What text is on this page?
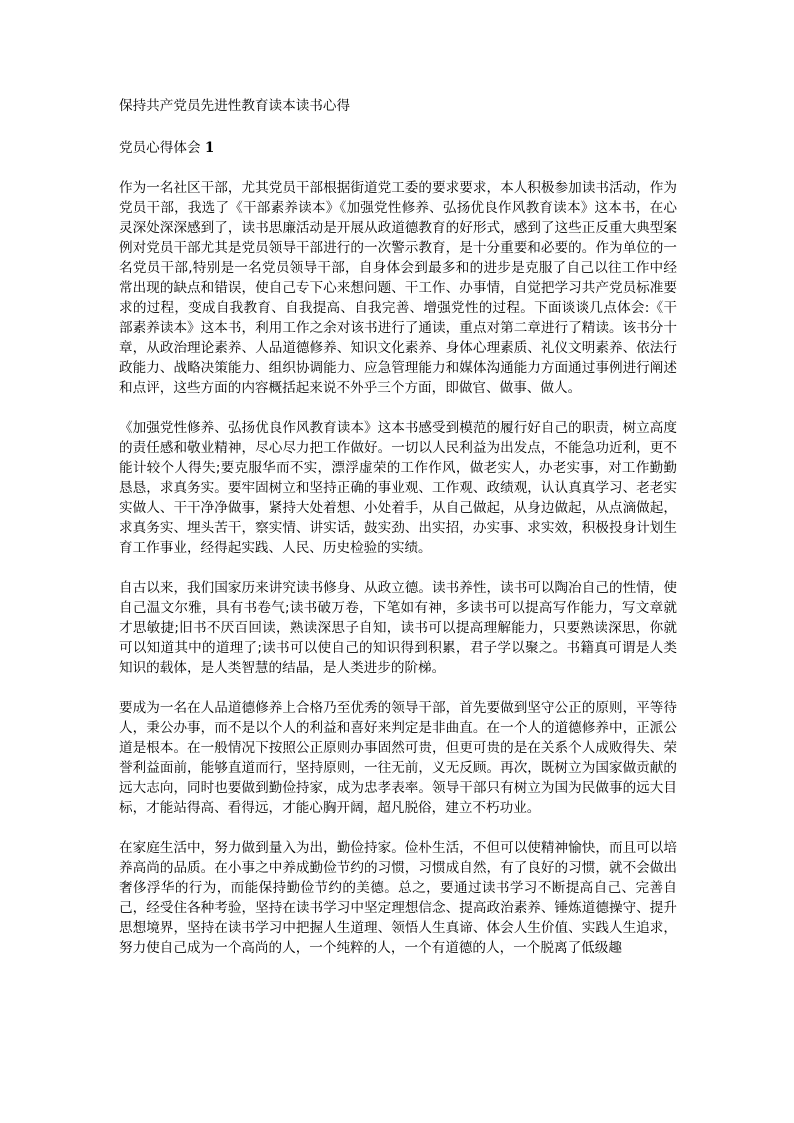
保持共产党员先进性教育读本读书心得
党员心得体会 1

作为一名社区干部，尤其党员干部根据街道党工委的要求要求，本人积极参加读书活动，作为党员干部，我选了《干部素养读本》《加强党性修养、弘扬优良作风教育读本》这本书，在心灵深处深深感到了，读书思廉活动是开展从政道德教育的好形式，感到了这些正反重大典型案例对党员干部尤其是党员领导干部进行的一次警示教育，是十分重要和必要的。作为单位的一名党员干部,特别是一名党员领导干部，自身体会到最多和的进步是克服了自己以往工作中经常出现的缺点和错误，使自己专下心来想问题、干工作、办事情，自觉把学习共产党员标准要求的过程，变成自我教育、自我提高、自我完善、增强党性的过程。下面谈谈几点体会:《干部素养读本》这本书，利用工作之余对该书进行了通读，重点对第二章进行了精读。该书分十章，从政治理论素养、人品道德修养、知识文化素养、身体心理素质、礼仪文明素养、依法行政能力、战略决策能力、组织协调能力、应急管理能力和媒体沟通能力方面通过事例进行阐述和点评，这些方面的内容概括起来说不外乎三个方面，即做官、做事、做人。

《加强党性修养、弘扬优良作风教育读本》这本书感受到模范的履行好自己的职责，树立高度的责任感和敬业精神，尽心尽力把工作做好。一切以人民利益为出发点，不能急功近利，更不能计较个人得失;要克服华而不实，漂浮虚荣的工作作风，做老实人，办老实事，对工作勤勤恳恳，求真务实。要牢固树立和坚持正确的事业观、工作观、政绩观，认认真真学习、老老实实做人、干干净净做事，紧持大处着想、小处着手，从自己做起，从身边做起，从点滴做起，求真务实、埋头苦干，察实情、讲实话，鼓实劲、出实招，办实事、求实效，积极投身计划生育工作事业，经得起实践、人民、历史检验的实绩。

自古以来，我们国家历来讲究读书修身、从政立德。读书养性，读书可以陶冶自己的性情，使自己温文尔雅，具有书卷气;读书破万卷，下笔如有神，多读书可以提高写作能力，写文章就才思敏捷;旧书不厌百回读，熟读深思子自知，读书可以提高理解能力，只要熟读深思，你就可以知道其中的道理了;读书可以使自己的知识得到积累，君子学以聚之。书籍真可谓是人类知识的载体，是人类智慧的结晶，是人类进步的阶梯。

要成为一名在人品道德修养上合格乃至优秀的领导干部，首先要做到坚守公正的原则，平等待人，秉公办事，而不是以个人的利益和喜好来判定是非曲直。在一个人的道德修养中，正派公道是根本。在一般情况下按照公正原则办事固然可贵，但更可贵的是在关系个人成败得失、荣誉利益面前，能够直道而行，坚持原则，一往无前，义无反顾。再次，既树立为国家做贡献的远大志向，同时也要做到勤俭持家，成为忠孝表率。领导干部只有树立为国为民做事的远大目标，才能站得高、看得远，才能心胸开阔，超凡脱俗，建立不朽功业。

在家庭生活中，努力做到量入为出，勤俭持家。俭朴生活，不但可以使精神愉快，而且可以培养高尚的品质。在小事之中养成勤俭节约的习惯，习惯成自然，有了良好的习惯，就不会做出奢侈浮华的行为，而能保持勤俭节约的美德。总之，要通过读书学习不断提高自己、完善自己，经受住各种考验，坚持在读书学习中坚定理想信念、提高政治素养、锤炼道德操守、提升思想境界，坚持在读书学习中把握人生道理、领悟人生真谛、体会人生价值、实践人生追求，努力使自己成为一个高尚的人，一个纯粹的人，一个有道德的人，一个脱离了低级趣
